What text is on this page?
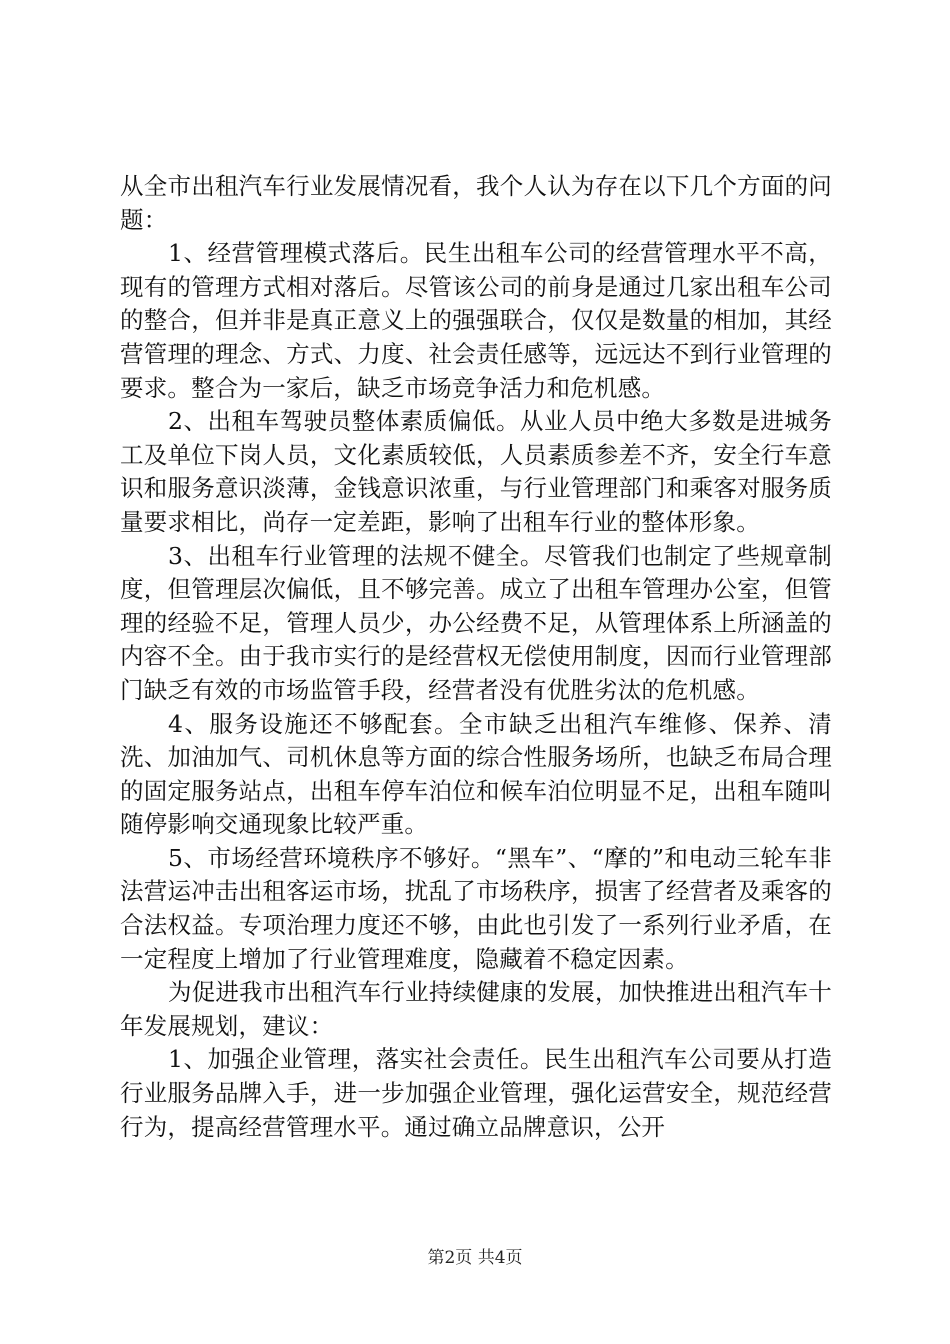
从全市出租汽车行业发展情况看，我个人认为存在以下几个方面的问题：

1、经营管理模式落后。民生出租车公司的经营管理水平不高，现有的管理方式相对落后。尽管该公司的前身是通过几家出租车公司的整合，但并非是真正意义上的强强联合，仅仅是数量的相加，其经营管理的理念、方式、力度、社会责任感等，远远达不到行业管理的要求。整合为一家后，缺乏市场竞争活力和危机感。

2、出租车驾驶员整体素质偏低。从业人员中绝大多数是进城务工及单位下岗人员，文化素质较低，人员素质参差不齐，安全行车意识和服务意识淡薄，金钱意识浓重，与行业管理部门和乘客对服务质量要求相比，尚存一定差距，影响了出租车行业的整体形象。

3、出租车行业管理的法规不健全。尽管我们也制定了些规章制度，但管理层次偏低，且不够完善。成立了出租车管理办公室，但管理的经验不足，管理人员少，办公经费不足，从管理体系上所涵盖的内容不全。由于我市实行的是经营权无偿使用制度，因而行业管理部门缺乏有效的市场监管手段，经营者没有优胜劣汰的危机感。

4、服务设施还不够配套。全市缺乏出租汽车维修、保养、清洗、加油加气、司机休息等方面的综合性服务场所，也缺乏布局合理的固定服务站点，出租车停车泊位和候车泊位明显不足，出租车随叫随停影响交通现象比较严重。

5、市场经营环境秩序不够好。“黑车”、“摩的”和电动三轮车非法营运冲击出租客运市场，扰乱了市场秩序，损害了经营者及乘客的合法权益。专项治理力度还不够，由此也引发了一系列行业矛盾，在一定程度上增加了行业管理难度，隐藏着不稳定因素。

为促进我市出租汽车行业持续健康的发展，加快推进出租汽车十年发展规划，建议：

1、加强企业管理，落实社会责任。民生出租汽车公司要从打造行业服务品牌入手，进一步加强企业管理，强化运营安全，规范经营行为，提高经营管理水平。通过确立品牌意识，公开

第2页 共4页
